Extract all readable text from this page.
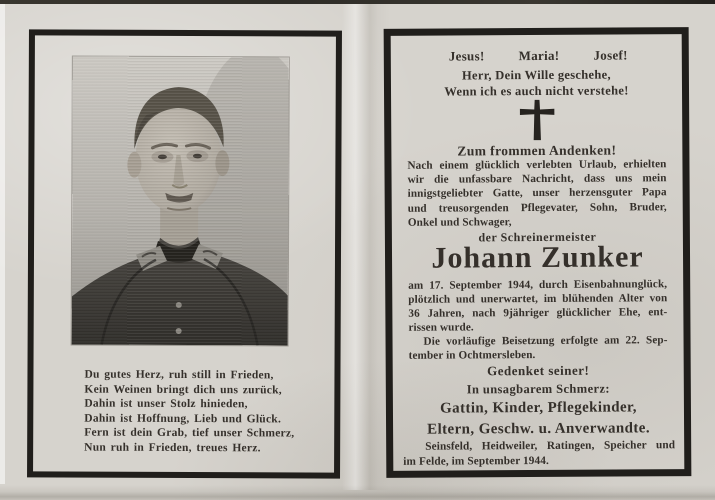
Du gutes Herz, ruh still in Frieden,
Kein Weinen bringt dich uns zurück,
Dahin ist unser Stolz hinieden,
Dahin ist Hoffnung, Lieb und Glück.
Fern ist dein Grab, tief unser Schmerz,
Nun ruh in Frieden, treues Herz.
Jesus!	Maria!	Josef!
Herr, Dein Wille geschehe,
Wenn ich es auch nicht verstehe!
Zum frommen Andenken!
Nach einem glücklich verlebten Urlaub, erhielten
wir die unfassbare Nachricht, dass uns mein
innigstgeliebter Gatte, unser herzensguter Papa
und treusorgenden Pflegevater, Sohn, Bruder,
Onkel und Schwager,
der Schreinermeister
Johann Zunker
am 17. September 1944, durch Eisenbahnunglück,
plötzlich und unerwartet, im blühenden Alter von
36 Jahren, nach 9jähriger glücklicher Ehe, ent-
rissen wurde.
Die vorläufige Beisetzung erfolgte am 22. Sep-
tember in Ochtmersleben.
Gedenket seiner!
In unsagbarem Schmerz:
Gattin, Kinder, Pflegekinder,
Eltern, Geschw. u. Anverwandte.
Seinsfeld, Heidweiler, Ratingen, Speicher und
im Felde, im September 1944.
